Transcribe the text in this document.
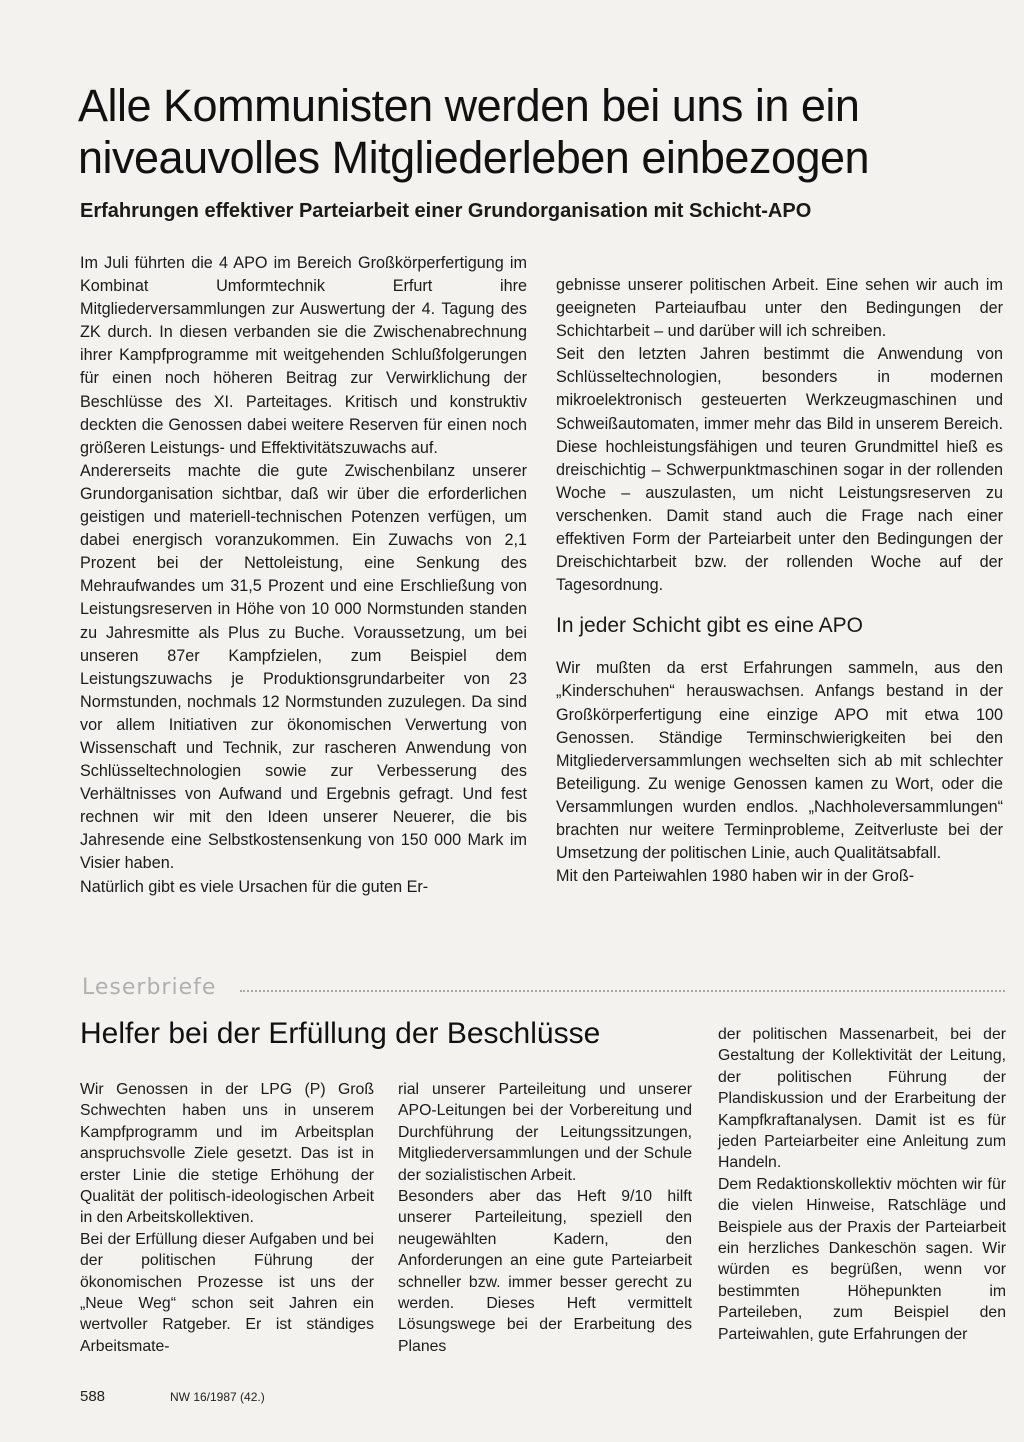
Alle Kommunisten werden bei uns in ein niveauvolles Mitgliederleben einbezogen
Erfahrungen effektiver Parteiarbeit einer Grundorganisation mit Schicht-APO

Im Juli führten die 4 APO im Bereich Großkörperfertigung im Kombinat Umformtechnik Erfurt ihre Mitgliederversammlungen zur Auswertung der 4. Tagung des ZK durch. In diesen verbanden sie die Zwischenabrechnung ihrer Kampfprogramme mit weitgehenden Schlußfolgerungen für einen noch höheren Beitrag zur Verwirklichung der Beschlüsse des XI. Parteitages. Kritisch und konstruktiv deckten die Genossen dabei weitere Reserven für einen noch größeren Leistungs- und Effektivitätszuwachs auf.

Andererseits machte die gute Zwischenbilanz unserer Grundorganisation sichtbar, daß wir über die erforderlichen geistigen und materiell-technischen Potenzen verfügen, um dabei energisch voranzukommen. Ein Zuwachs von 2,1 Prozent bei der Nettoleistung, eine Senkung des Mehraufwandes um 31,5 Prozent und eine Erschließung von Leistungsreserven in Höhe von 10 000 Normstunden standen zu Jahresmitte als Plus zu Buche. Voraussetzung, um bei unseren 87er Kampfzielen, zum Beispiel dem Leistungszuwachs je Produktionsgrundarbeiter von 23 Normstunden, nochmals 12 Normstunden zuzulegen. Da sind vor allem Initiativen zur ökonomischen Verwertung von Wissenschaft und Technik, zur rascheren Anwendung von Schlüsseltechnologien sowie zur Verbesserung des Verhältnisses von Aufwand und Ergebnis gefragt. Und fest rechnen wir mit den Ideen unserer Neuerer, die bis Jahresende eine Selbstkostensenkung von 150 000 Mark im Visier haben.

Natürlich gibt es viele Ursachen für die guten Er-

gebnisse unserer politischen Arbeit. Eine sehen wir auch im geeigneten Parteiaufbau unter den Bedingungen der Schichtarbeit – und darüber will ich schreiben.

Seit den letzten Jahren bestimmt die Anwendung von Schlüsseltechnologien, besonders in modernen mikroelektronisch gesteuerten Werkzeugmaschinen und Schweißautomaten, immer mehr das Bild in unserem Bereich. Diese hochleistungsfähigen und teuren Grundmittel hieß es dreischichtig – Schwerpunktmaschinen sogar in der rollenden Woche – auszulasten, um nicht Leistungsreserven zu verschenken. Damit stand auch die Frage nach einer effektiven Form der Parteiarbeit unter den Bedingungen der Dreischichtarbeit bzw. der rollenden Woche auf der Tagesordnung.

In jeder Schicht gibt es eine APO

Wir mußten da erst Erfahrungen sammeln, aus den „Kinderschuhen“ herauswachsen. Anfangs bestand in der Großkörperfertigung eine einzige APO mit etwa 100 Genossen. Ständige Terminschwierigkeiten bei den Mitgliederversammlungen wechselten sich ab mit schlechter Beteiligung. Zu wenige Genossen kamen zu Wort, oder die Versammlungen wurden endlos. „Nachholeversammlungen“ brachten nur weitere Terminprobleme, Zeitverluste bei der Umsetzung der politischen Linie, auch Qualitätsabfall.

Mit den Parteiwahlen 1980 haben wir in der Groß-

Leserbriefe
Helfer bei der Erfüllung der Beschlüsse

Wir Genossen in der LPG (P) Groß Schwechten haben uns in unserem Kampfprogramm und im Arbeitsplan anspruchsvolle Ziele gesetzt. Das ist in erster Linie die stetige Erhöhung der Qualität der politisch-ideologischen Arbeit in den Arbeitskollektiven.

Bei der Erfüllung dieser Aufgaben und bei der politischen Führung der ökonomischen Prozesse ist uns der „Neue Weg“ schon seit Jahren ein wertvoller Ratgeber. Er ist ständiges Arbeitsmate-

rial unserer Parteileitung und unserer APO-Leitungen bei der Vorbereitung und Durchführung der Leitungssitzungen, Mitgliederversammlungen und der Schule der sozialistischen Arbeit.

Besonders aber das Heft 9/10 hilft unserer Parteileitung, speziell den neugewählten Kadern, den Anforderungen an eine gute Parteiarbeit schneller bzw. immer besser gerecht zu werden. Dieses Heft vermittelt Lösungswege bei der Erarbeitung des Planes

der politischen Massenarbeit, bei der Gestaltung der Kollektivität der Leitung, der politischen Führung der Plandiskussion und der Erarbeitung der Kampfkraftanalysen. Damit ist es für jeden Parteiarbeiter eine Anleitung zum Handeln.

Dem Redaktionskollektiv möchten wir für die vielen Hinweise, Ratschläge und Beispiele aus der Praxis der Parteiarbeit ein herzliches Dankeschön sagen. Wir würden es begrüßen, wenn vor bestimmten Höhepunkten im Parteileben, zum Beispiel den Parteiwahlen, gute Erfahrungen der

588	NW 16/1987 (42.)
